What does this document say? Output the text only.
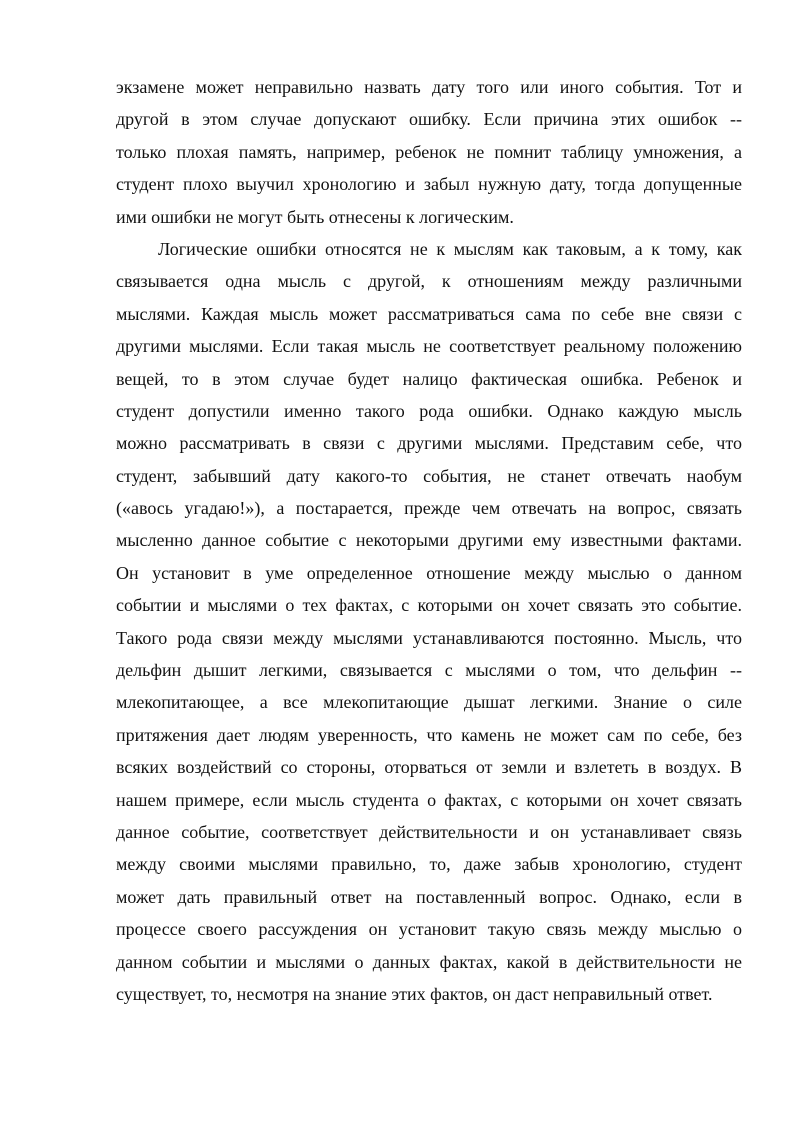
экзамене может неправильно назвать дату того или иного события. Тот и
другой в этом случае допускают ошибку. Если причина этих ошибок --
только плохая память, например, ребенок не помнит таблицу умножения, а
студент плохо выучил хронологию и забыл нужную дату, тогда допущенные
ими ошибки не могут быть отнесены к логическим.
Логические ошибки относятся не к мыслям как таковым, а к тому, как
связывается одна мысль с другой, к отношениям между различными
мыслями. Каждая мысль может рассматриваться сама по себе вне связи с
другими мыслями. Если такая мысль не соответствует реальному положению
вещей, то в этом случае будет налицо фактическая ошибка. Ребенок и
студент допустили именно такого рода ошибки. Однако каждую мысль
можно рассматривать в связи с другими мыслями. Представим себе, что
студент, забывший дату какого-то события, не станет отвечать наобум
(«авось угадаю!»), а постарается, прежде чем отвечать на вопрос, связать
мысленно данное событие с некоторыми другими ему известными фактами.
Он установит в уме определенное отношение между мыслью о данном
событии и мыслями о тех фактах, с которыми он хочет связать это событие.
Такого рода связи между мыслями устанавливаются постоянно. Мысль, что
дельфин дышит легкими, связывается с мыслями о том, что дельфин --
млекопитающее, а все млекопитающие дышат легкими. Знание о силе
притяжения дает людям уверенность, что камень не может сам по себе, без
всяких воздействий со стороны, оторваться от земли и взлететь в воздух. В
нашем примере, если мысль студента о фактах, с которыми он хочет связать
данное событие, соответствует действительности и он устанавливает связь
между своими мыслями правильно, то, даже забыв хронологию, студент
может дать правильный ответ на поставленный вопрос. Однако, если в
процессе своего рассуждения он установит такую связь между мыслью о
данном событии и мыслями о данных фактах, какой в действительности не
существует, то, несмотря на знание этих фактов, он даст неправильный ответ.
